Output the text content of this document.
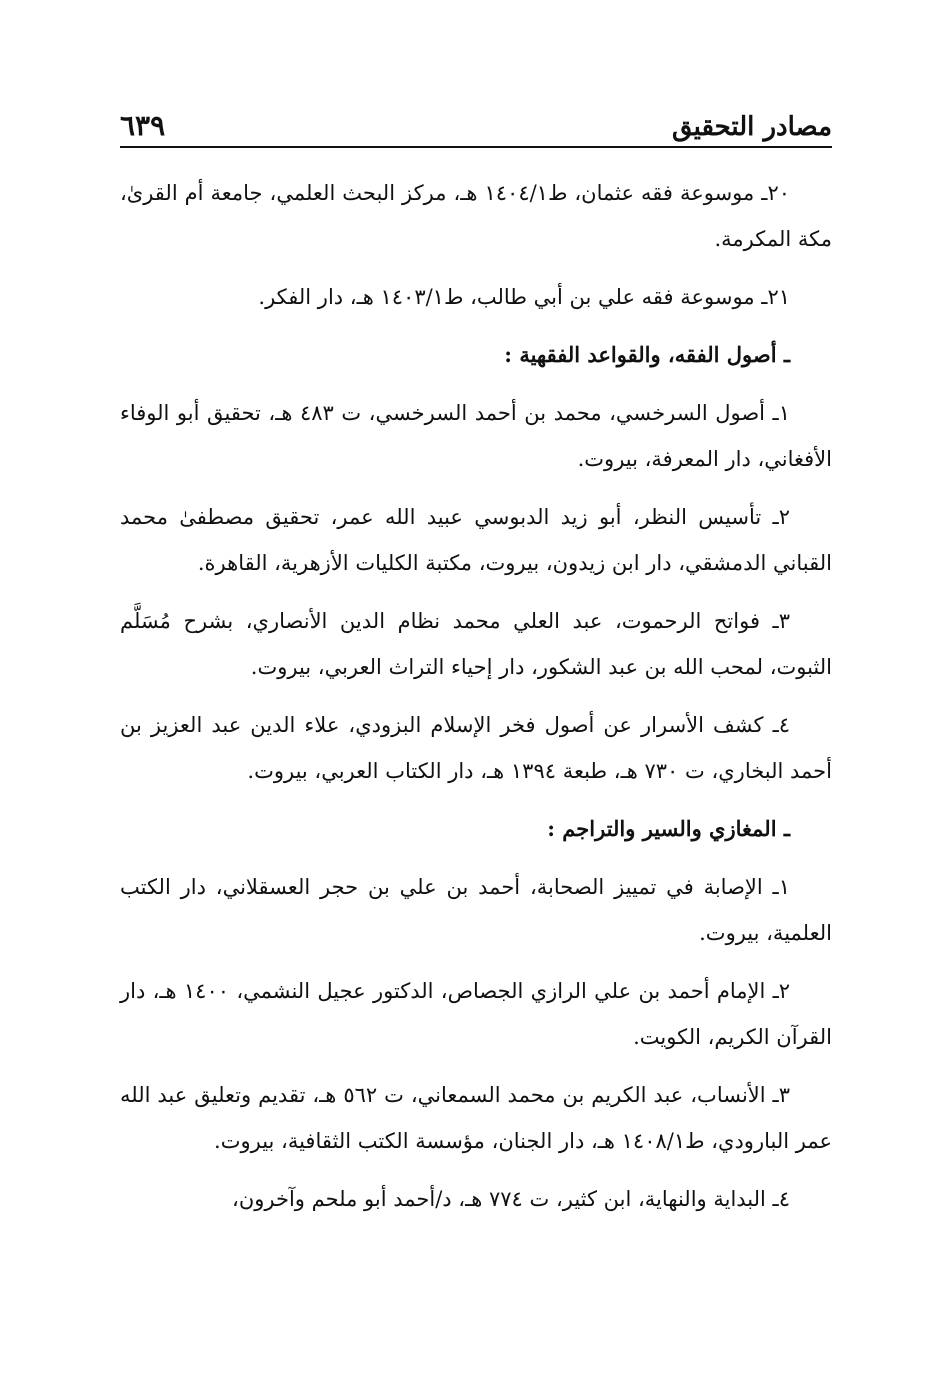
مصادر التحقيق
٦٣٩

٢٠ـ موسوعة فقه عثمان، ط١٤٠٤/١ هـ، مركز البحث العلمي، جامعة أم القرىٰ، مكة المكرمة.

٢١ـ موسوعة فقه علي بن أبي طالب، ط١٤٠٣/١ هـ، دار الفكر.

ـ أصول الفقه، والقواعد الفقهية :

١ـ أصول السرخسي، محمد بن أحمد السرخسي، ت ٤٨٣ هـ، تحقيق أبو الوفاء الأفغاني، دار المعرفة، بيروت.

٢ـ تأسيس النظر، أبو زيد الدبوسي عبيد الله عمر، تحقيق مصطفىٰ محمد القباني الدمشقي، دار ابن زيدون، بيروت، مكتبة الكليات الأزهرية، القاهرة.

٣ـ فواتح الرحموت، عبد العلي محمد نظام الدين الأنصاري، بشرح مُسَلَّم الثبوت، لمحب الله بن عبد الشكور، دار إحياء التراث العربي، بيروت.

٤ـ كشف الأسرار عن أصول فخر الإسلام البزودي، علاء الدين عبد العزيز بن أحمد البخاري، ت ٧٣٠ هـ، طبعة ١٣٩٤ هـ، دار الكتاب العربي، بيروت.

ـ المغازي والسير والتراجم :

١ـ الإصابة في تمييز الصحابة، أحمد بن علي بن حجر العسقلاني، دار الكتب العلمية، بيروت.

٢ـ الإمام أحمد بن علي الرازي الجصاص، الدكتور عجيل النشمي، ١٤٠٠ هـ، دار القرآن الكريم، الكويت.

٣ـ الأنساب، عبد الكريم بن محمد السمعاني، ت ٥٦٢ هـ، تقديم وتعليق عبد الله عمر البارودي، ط١٤٠٨/١ هـ، دار الجنان، مؤسسة الكتب الثقافية، بيروت.

٤ـ البداية والنهاية، ابن كثير، ت ٧٧٤ هـ، د/أحمد أبو ملحم وآخرون،
